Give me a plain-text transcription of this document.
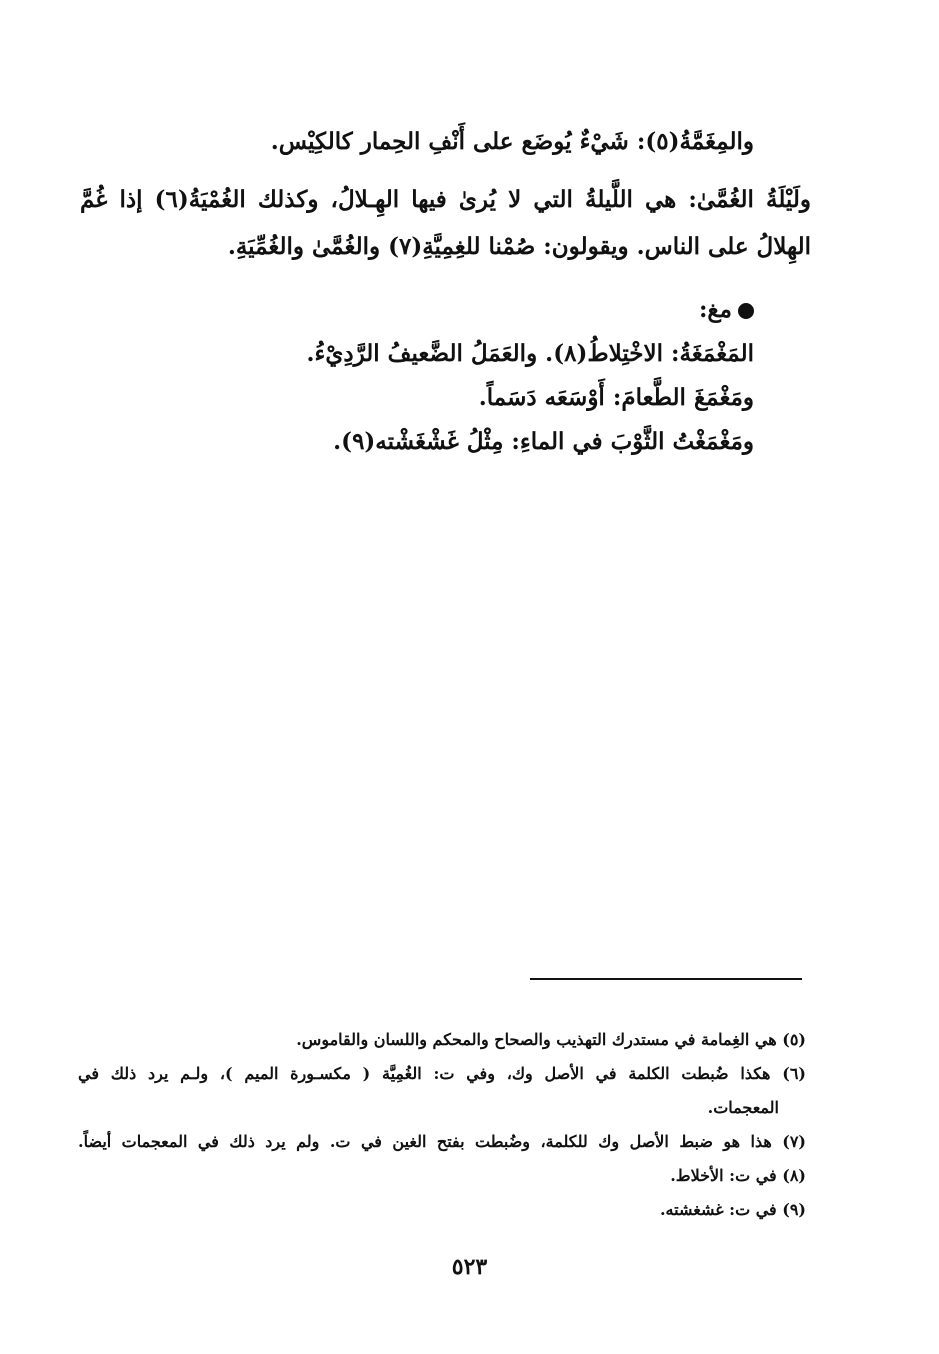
والمِغَمَّةُ(٥): شَيْءٌ يُوضَع على أَنْفِ الحِمار كالكِيْس.
ولَيْلَةُ الغُمَّىٰ: هي اللَّيلةُ التي لا يُرىٰ فيها الهِـلالُ، وكذلك الغُمْيَةُ(٦) إذا غُمَّ
الهِلالُ على الناس. ويقولون: صُمْنا للغِمِيَّةِ(٧) والغُمَّىٰ والغُمِّيَةِ.
مغ:
المَغْمَغَةُ: الاخْتِلاطُ(٨). والعَمَلُ الضَّعيفُ الرَّدِيْءُ.
ومَغْمَغَ الطَّعامَ: أَوْسَعَه دَسَماً.
ومَغْمَغْتُ الثَّوْبَ في الماءِ: مِثْلُ غَشْغَشْته(٩).
(٥) هي الغِمامة في مستدرك التهذيب والصحاح والمحكم واللسان والقاموس.
(٦) هكذا ضُبطت الكلمة في الأصل وك، وفي ت: الغُمِيَّة ( مكسـورة الميم )، ولـم يرد ذلك في
المعجمات.
(٧) هذا هو ضبط الأصل وك للكلمة، وضُبطت بفتح الغين في ت. ولم يرد ذلك في المعجمات أيضاً.
(٨) في ت: الأخلاط.
(٩) في ت: غشغشته.
٥٢٣
